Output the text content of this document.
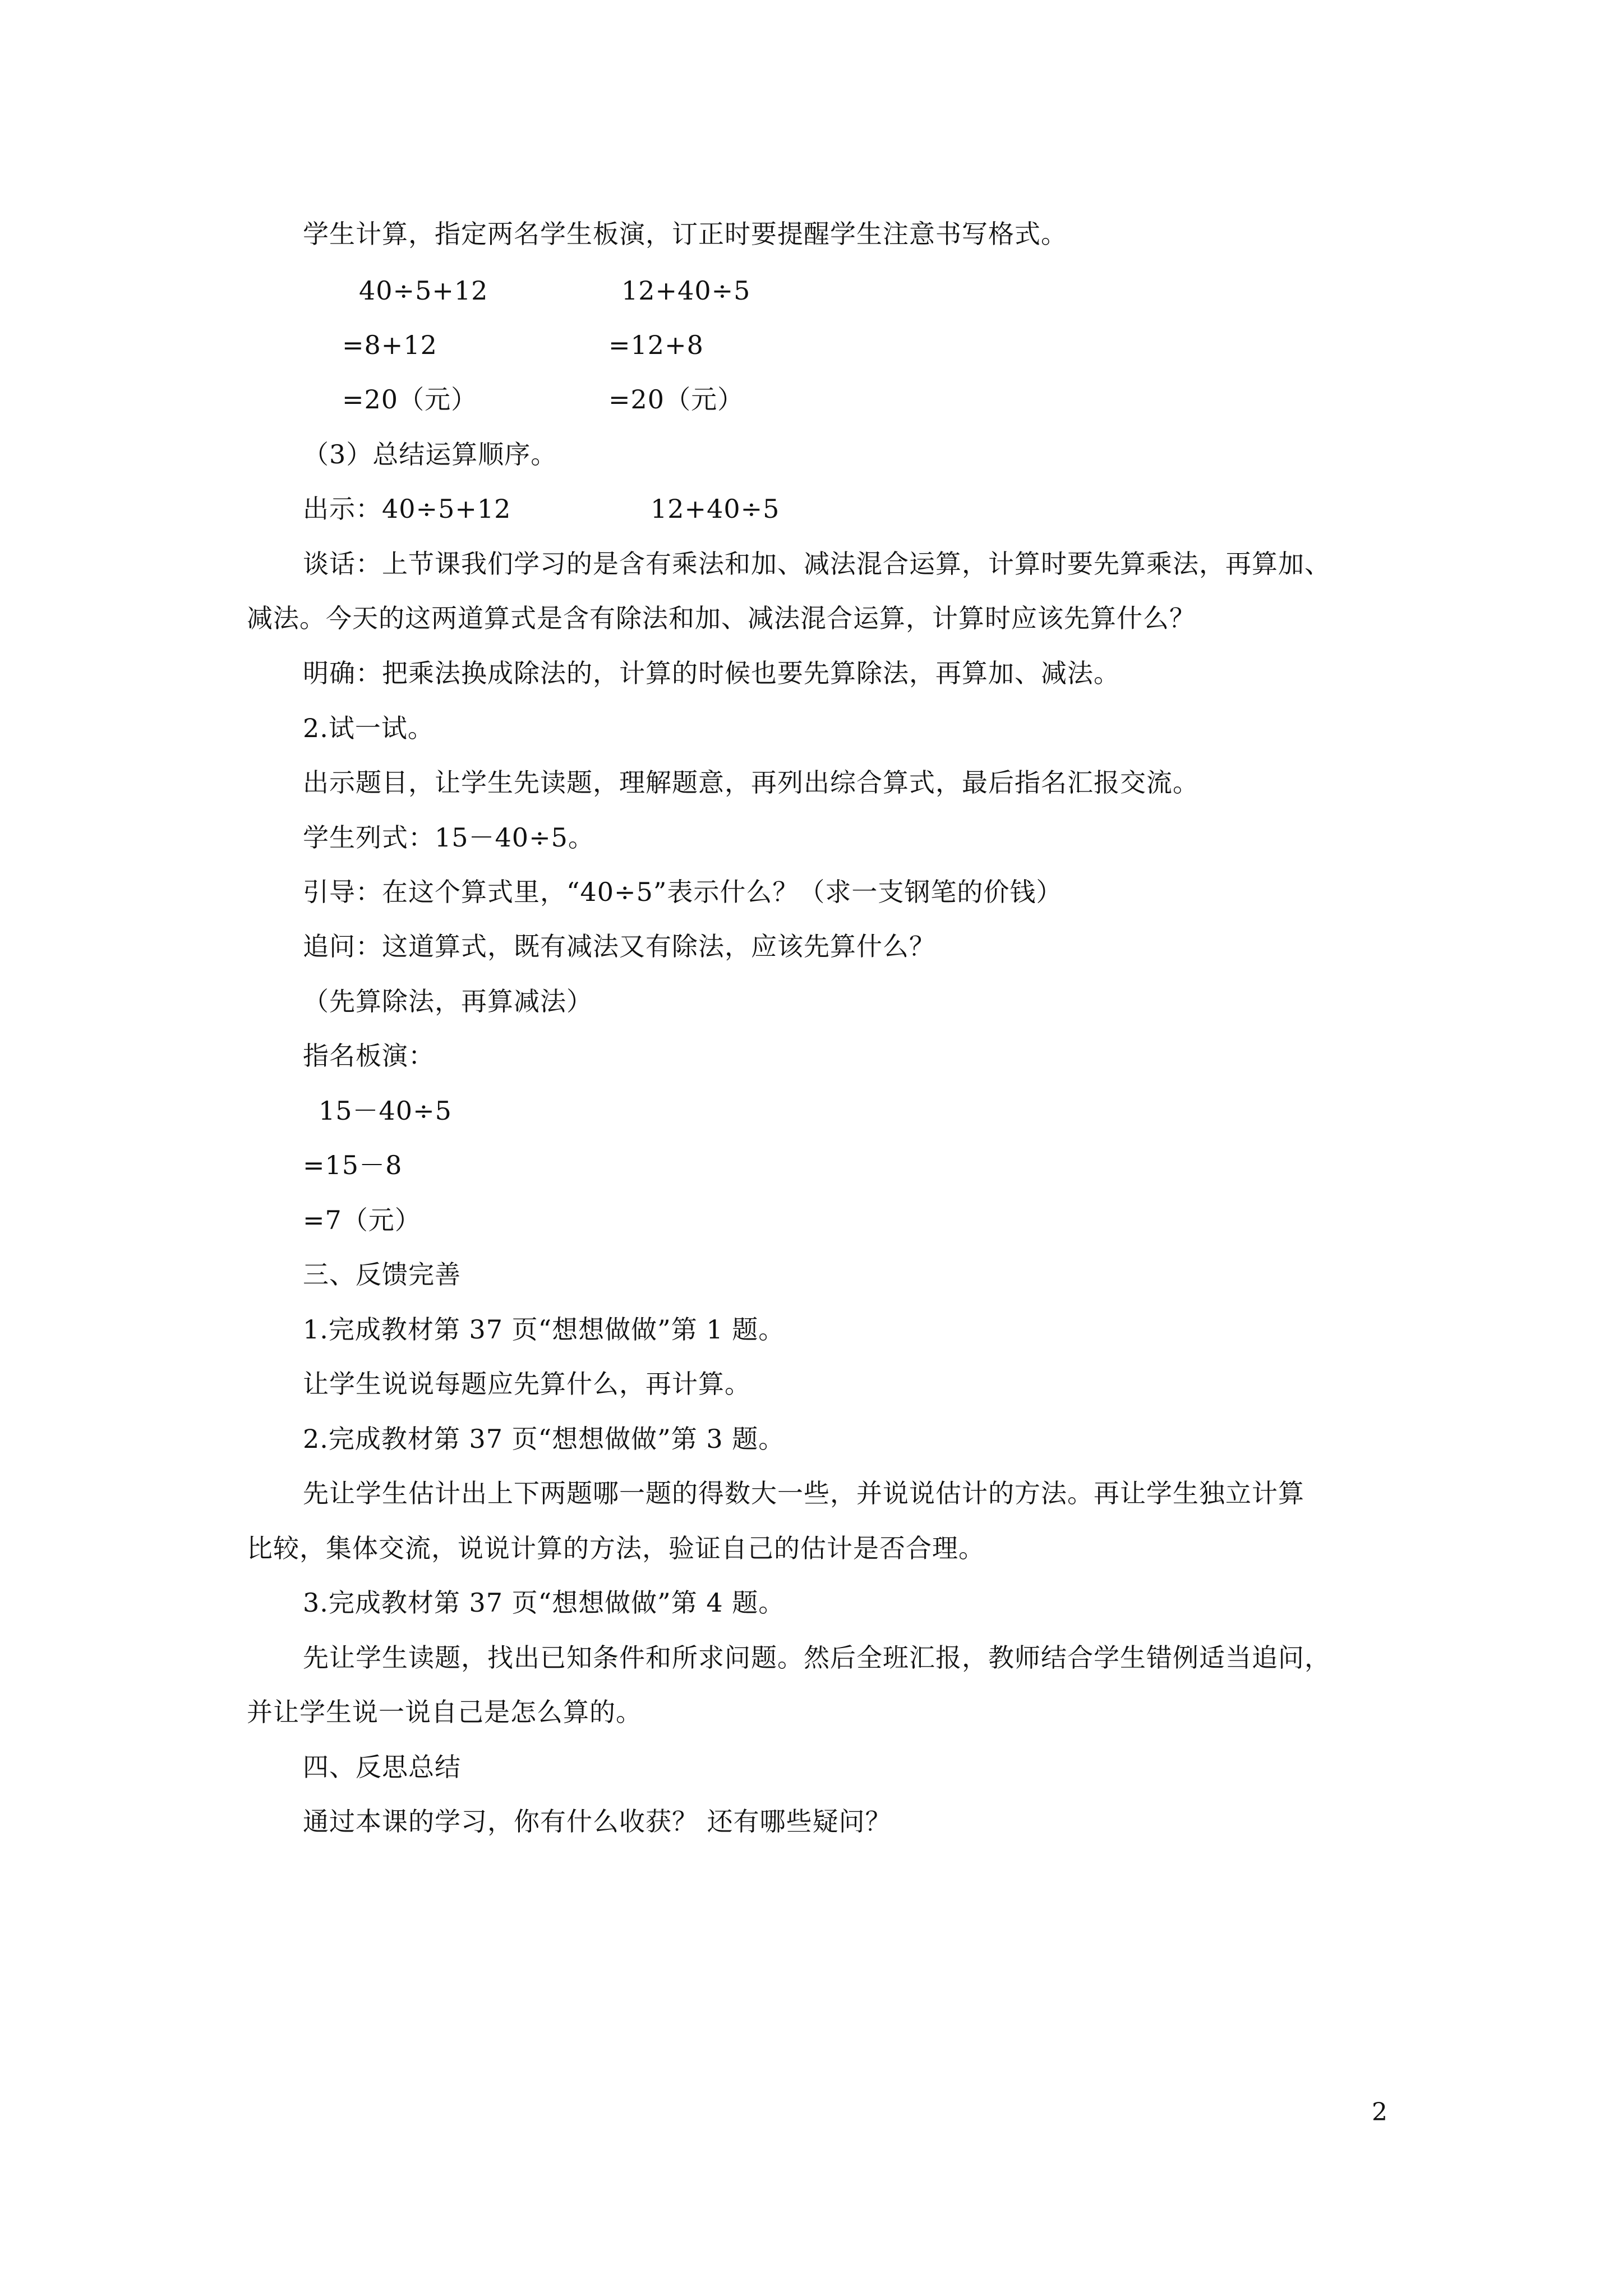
学生计算，指定两名学生板演，订正时要提醒学生注意书写格式。
40÷5+12	12+40÷5
=8+12	=12+8
=20（元）	=20（元）
（3）总结运算顺序。
出示：40÷5+12	12+40÷5
谈话：上节课我们学习的是含有乘法和加、减法混合运算，计算时要先算乘法，再算加、
减法。今天的这两道算式是含有除法和加、减法混合运算，计算时应该先算什么？
明确：把乘法换成除法的，计算的时候也要先算除法，再算加、减法。
2.试一试。
出示题目，让学生先读题，理解题意，再列出综合算式，最后指名汇报交流。
学生列式：15－40÷5。
引导：在这个算式里，“40÷5”表示什么？（求一支钢笔的价钱）
追问：这道算式，既有减法又有除法，应该先算什么？
（先算除法，再算减法）
指名板演：
15－40÷5
=15－8
=7（元）
三、反馈完善
1.完成教材第 37 页“想想做做”第 1 题。
让学生说说每题应先算什么，再计算。
2.完成教材第 37 页“想想做做”第 3 题。
先让学生估计出上下两题哪一题的得数大一些，并说说估计的方法。再让学生独立计算
比较，集体交流，说说计算的方法，验证自己的估计是否合理。
3.完成教材第 37 页“想想做做”第 4 题。
先让学生读题，找出已知条件和所求问题。然后全班汇报，教师结合学生错例适当追问，
并让学生说一说自己是怎么算的。
四、反思总结
通过本课的学习，你有什么收获？ 还有哪些疑问？
2
